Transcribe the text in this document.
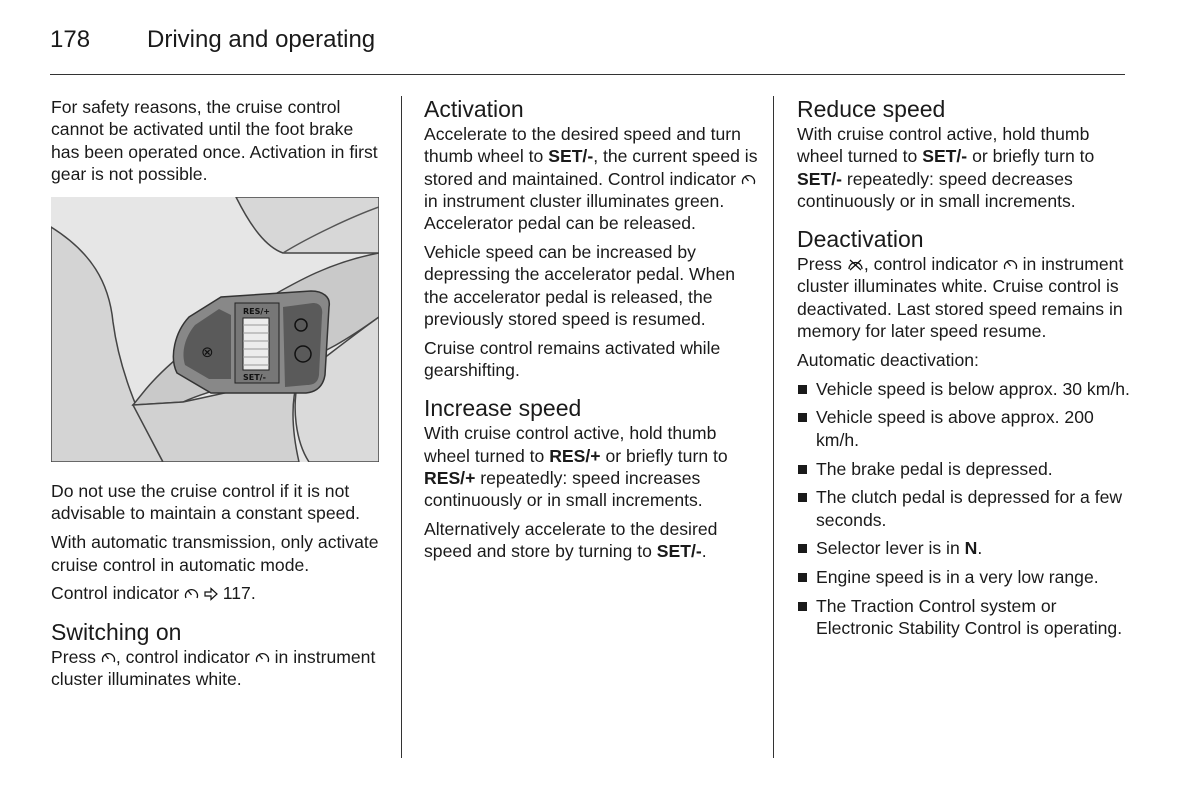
178 Driving and operating

For safety reasons, the cruise control cannot be activated until the foot brake has been operated once. Activation in first gear is not possible.

⊗
RES/+
SET/-

Do not use the cruise control if it is not advisable to maintain a constant speed.

With automatic transmission, only activate cruise control in automatic mode.

Control indicator 117.

Switching on

Press , control indicator in instrument cluster illuminates white.

Activation

Accelerate to the desired speed and turn thumb wheel to SET/-, the current speed is stored and maintained. Control indicator  in instrument cluster illuminates green. Accelerator pedal can be released.

Vehicle speed can be increased by depressing the accelerator pedal. When the accelerator pedal is released, the previously stored speed is resumed.

Cruise control remains activated while gearshifting.

Increase speed

With cruise control active, hold thumb wheel turned to RES/+ or briefly turn to RES/+ repeatedly: speed increases continuously or in small increments.

Alternatively accelerate to the desired speed and store by turning to SET/-.

Reduce speed

With cruise control active, hold thumb wheel turned to SET/- or briefly turn to SET/- repeatedly: speed decreases continuously or in small increments.

Deactivation

Press , control indicator in instrument cluster illuminates white. Cruise control is deactivated. Last stored speed remains in memory for later speed resume.

Automatic deactivation:

Vehicle speed is below approx. 30 km/h.
Vehicle speed is above approx. 200 km/h.
The brake pedal is depressed.
The clutch pedal is depressed for a few seconds.
Selector lever is in N.
Engine speed is in a very low range.
The Traction Control system or Electronic Stability Control is operating.
